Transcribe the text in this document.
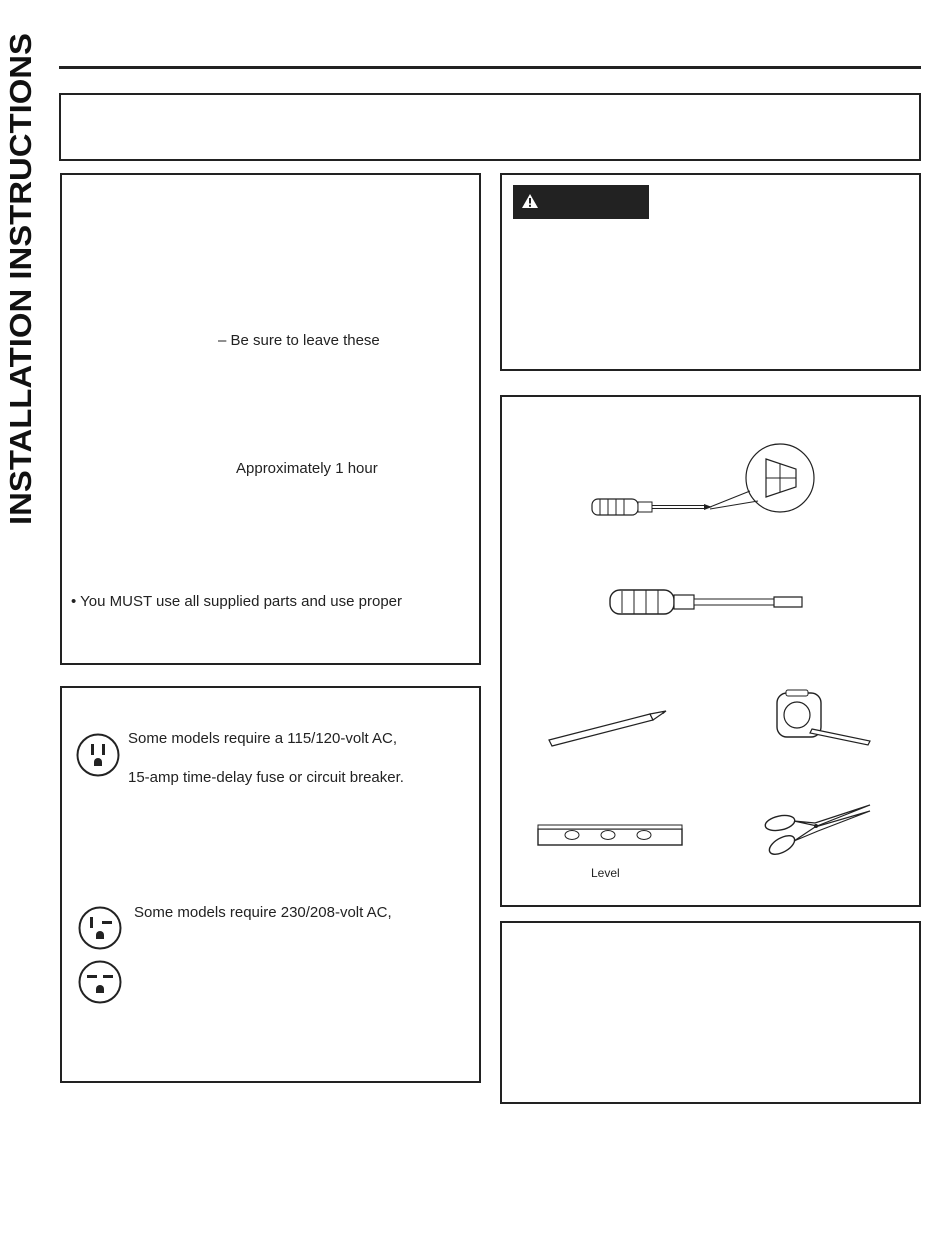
INSTALLATION INSTRUCTIONS	– Be sure to leave these
Approximately 1 hour
• You MUST use all supplied parts and use proper
Some models require a 115/120-volt AC,
15-amp time-delay fuse or circuit breaker.
Some models require 230/208-volt AC,
Level
